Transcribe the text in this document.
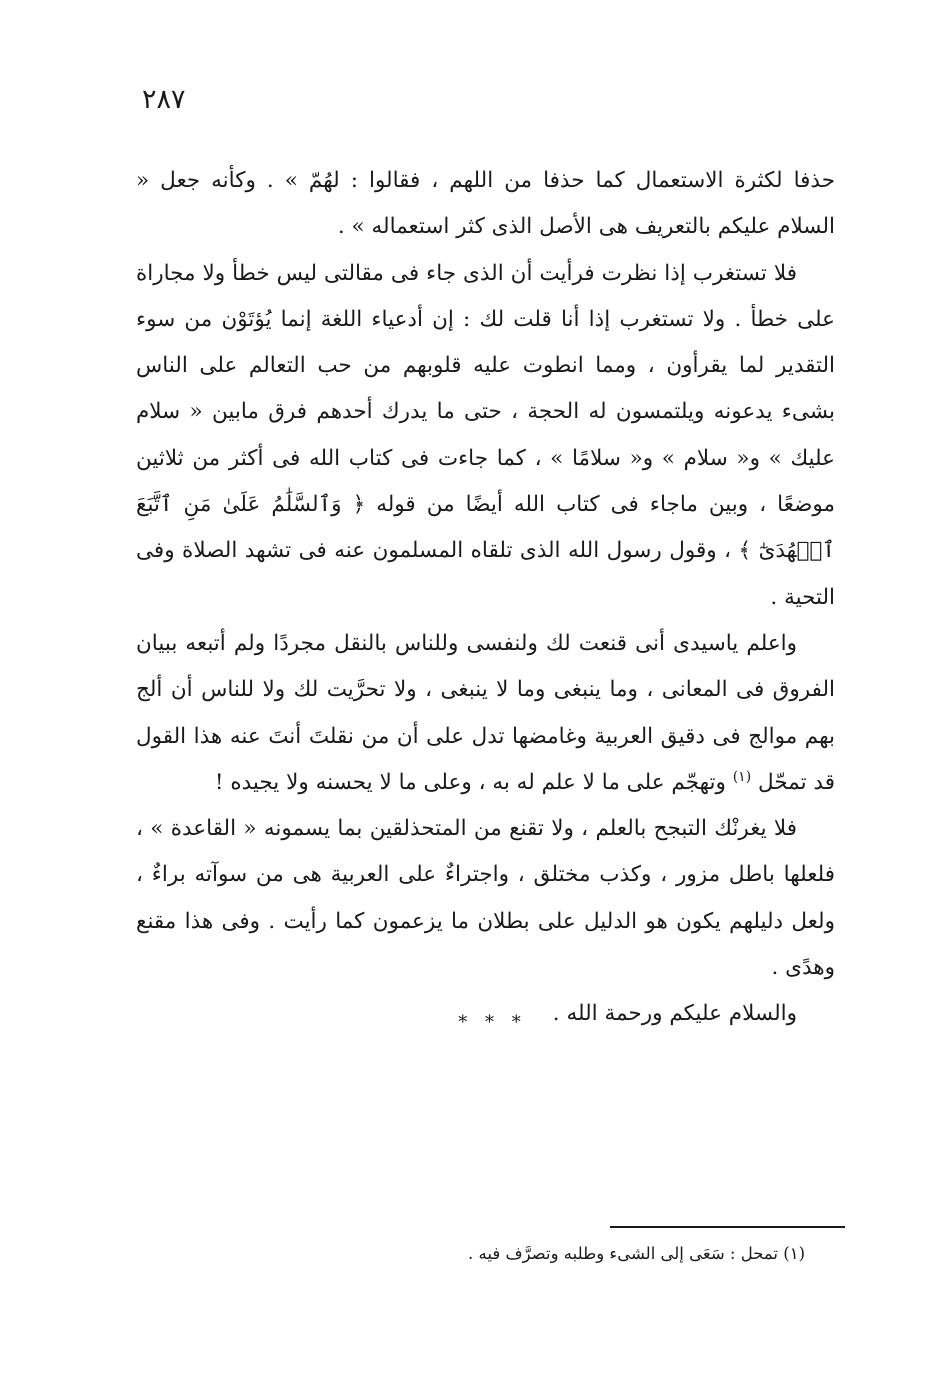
٢٨٧

حذفا لكثرة الاستعمال كما حذفا من اللهم ، فقالوا : لهُمّ » . وكأنه جعل « السلام عليكم بالتعريف هى الأصل الذى كثر استعماله » .

فلا تستغرب إذا نظرت فرأيت أن الذى جاء فى مقالتى ليس خطأ ولا مجاراة على خطأ . ولا تستغرب إذا أنا قلت لك : إن أدعياء اللغة إنما يُؤتَوْن من سوء التقدير لما يقرأون ، ومما انطوت عليه قلوبهم من حب التعالم على الناس بشىء يدعونه ويلتمسون له الحجة ، حتى ما يدرك أحدهم فرق مابين « سلام عليك » و« سلام » و« سلامًا » ، كما جاءت فى كتاب الله فى أكثر من ثلاثين موضعًا ، وبين ماجاء فى كتاب الله أيضًا من قوله ﴿ وَٱلسَّلَٰمُ عَلَىٰ مَنِ ٱتَّبَعَ ٱلۡهُدَىٰٓ ﴾ ، وقول رسول الله الذى تلقاه المسلمون عنه فى تشهد الصلاة وفى التحية .

واعلم ياسيدى أنى قنعت لك ولنفسى وللناس بالنقل مجردًا ولم أتبعه ببيان الفروق فى المعانى ، وما ينبغى وما لا ينبغى ، ولا تحرَّيت لك ولا للناس أن ألج بهم موالج فى دقيق العربية وغامضها تدل على أن من نقلتَ أنتَ عنه هذا القول قد تمحّل $^{(١)}$ وتهجّم على ما لا علم له به ، وعلى ما لا يحسنه ولا يجيده !

فلا يغرنْك التبجح بالعلم ، ولا تقنع من المتحذلقين بما يسمونه « القاعدة » ، فلعلها باطل مزور ، وكذب مختلق ، واجتراءٌ على العربية هى من سوآته براءٌ ، ولعل دليلهم يكون هو الدليل على بطلان ما يزعمون كما رأيت . وفى هذا مقنع وهدًى .

والسلام عليكم ورحمة الله .

* * *
(١) تمحل : سَعَى إلى الشىء وطلبه وتصرَّف فيه .
